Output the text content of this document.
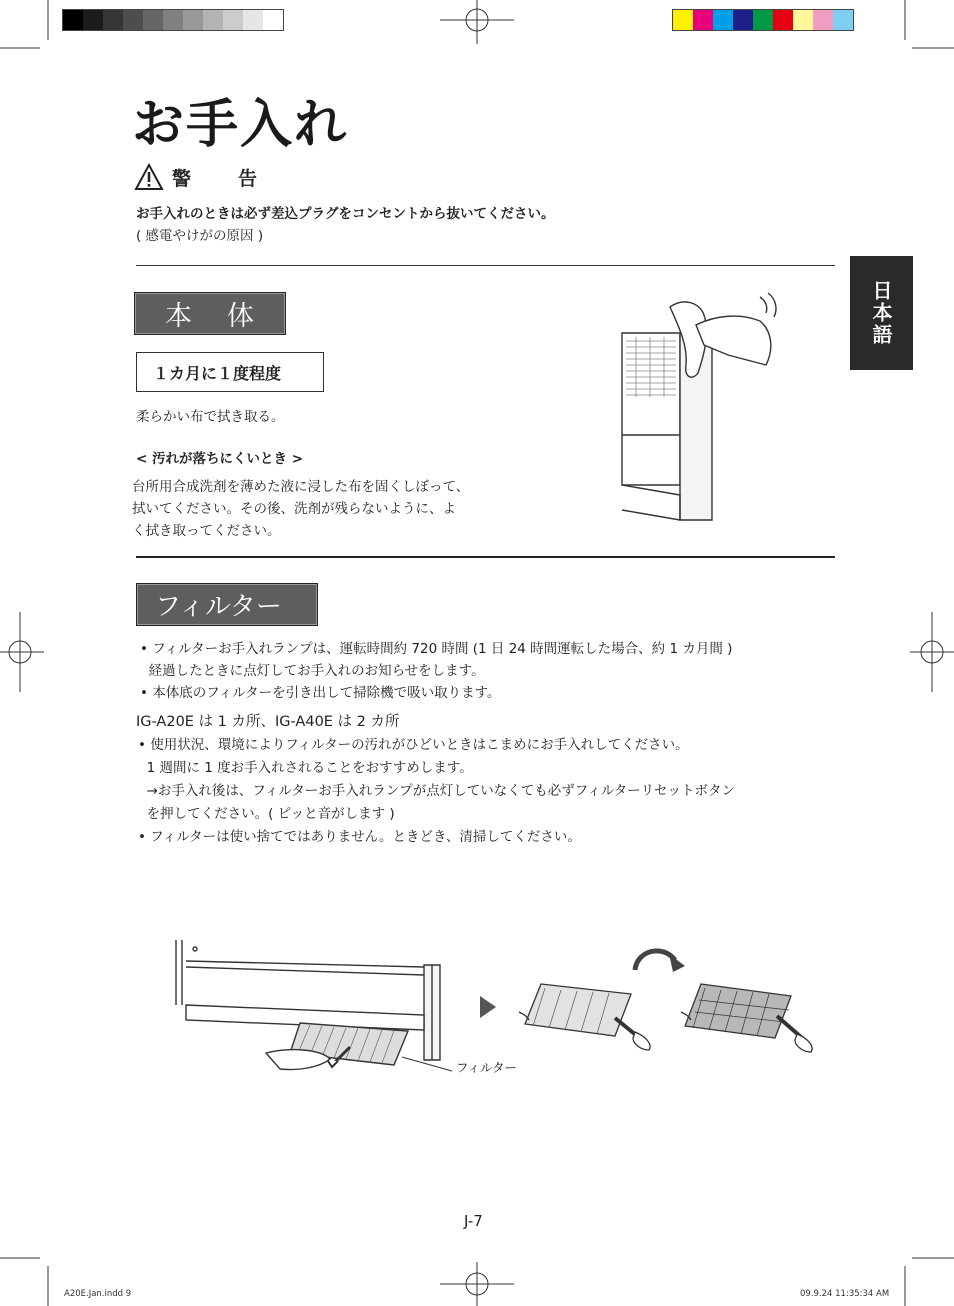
お手入れ
警　告
お手入れのときは必ず差込プラグをコンセントから抜いてください。
( 感電やけがの原因 )
日本語
本　体
１カ月に１度程度
柔らかい布で拭き取る。
< 汚れが落ちにくいとき >
台所用合成洗剤を薄めた液に浸した布を固くしぼって、
拭いてください。その後、洗剤が残らないように、よ
く拭き取ってください。
フィルター
• フィルターお手入れランプは、運転時間約 720 時間 (1 日 24 時間運転した場合、約 1 カ月間 )
経過したときに点灯してお手入れのお知らせをします。
• 本体底のフィルターを引き出して掃除機で吸い取ります。
IG-A20E は 1 カ所、IG-A40E は 2 カ所
• 使用状況、環境によりフィルターの汚れがひどいときはこまめにお手入れしてください。
1 週間に 1 度お手入れされることをおすすめします。
→お手入れ後は、フィルターお手入れランプが点灯していなくても必ずフィルターリセットボタン
を押してください。( ピッと音がします )
• フィルターは使い捨てではありません。ときどき、清掃してください。
フィルター
J-7
A20E.Jan.indd 9	09.9.24 11:35:34 AM
